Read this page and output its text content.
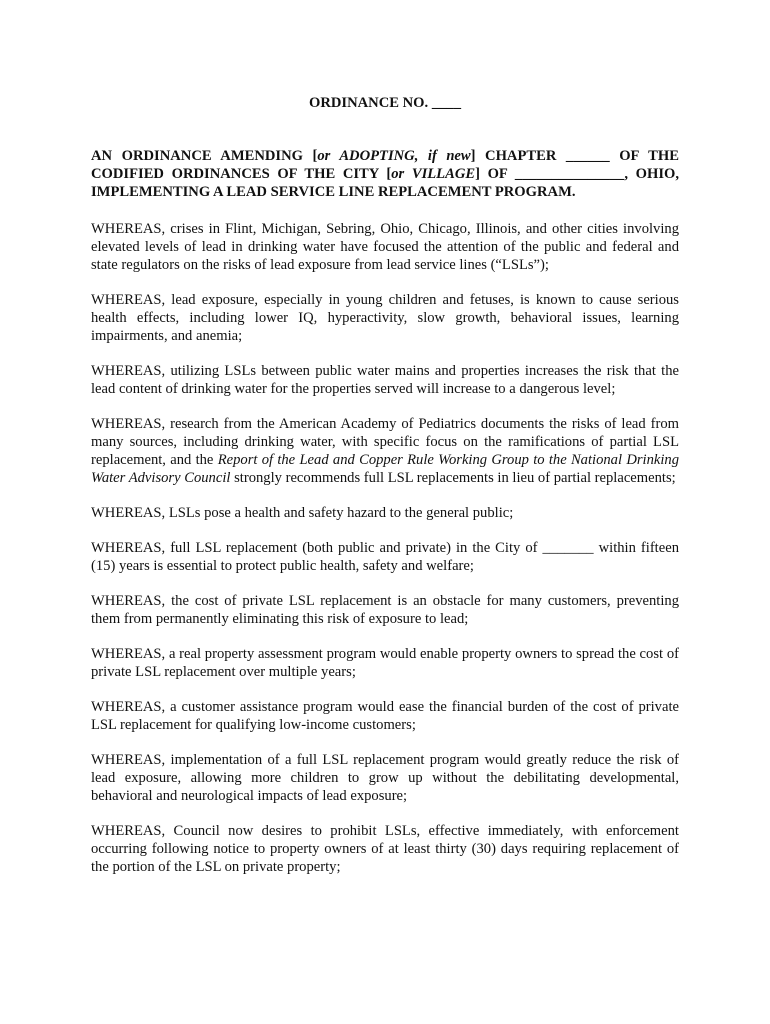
ORDINANCE NO. ____
AN ORDINANCE AMENDING [or ADOPTING, if new] CHAPTER ______ OF THE CODIFIED ORDINANCES OF THE CITY [or VILLAGE] OF _______________, OHIO, IMPLEMENTING A LEAD SERVICE LINE REPLACEMENT PROGRAM.

WHEREAS, crises in Flint, Michigan, Sebring, Ohio, Chicago, Illinois, and other cities involving elevated levels of lead in drinking water have focused the attention of the public and federal and state regulators on the risks of lead exposure from lead service lines (“LSLs”);

WHEREAS, lead exposure, especially in young children and fetuses, is known to cause serious health effects, including lower IQ, hyperactivity, slow growth, behavioral issues, learning impairments, and anemia;

WHEREAS, utilizing LSLs between public water mains and properties increases the risk that the lead content of drinking water for the properties served will increase to a dangerous level;

WHEREAS, research from the American Academy of Pediatrics documents the risks of lead from many sources, including drinking water, with specific focus on the ramifications of partial LSL replacement, and the Report of the Lead and Copper Rule Working Group to the National Drinking Water Advisory Council strongly recommends full LSL replacements in lieu of partial replacements;

WHEREAS, LSLs pose a health and safety hazard to the general public;

WHEREAS, full LSL replacement (both public and private) in the City of _______ within fifteen (15) years is essential to protect public health, safety and welfare;

WHEREAS, the cost of private LSL replacement is an obstacle for many customers, preventing them from permanently eliminating this risk of exposure to lead;

WHEREAS, a real property assessment program would enable property owners to spread the cost of private LSL replacement over multiple years;

WHEREAS, a customer assistance program would ease the financial burden of the cost of private LSL replacement for qualifying low-income customers;

WHEREAS, implementation of a full LSL replacement program would greatly reduce the risk of lead exposure, allowing more children to grow up without the debilitating developmental, behavioral and neurological impacts of lead exposure;

WHEREAS, Council now desires to prohibit LSLs, effective immediately, with enforcement occurring following notice to property owners of at least thirty (30) days requiring replacement of the portion of the LSL on private property;
